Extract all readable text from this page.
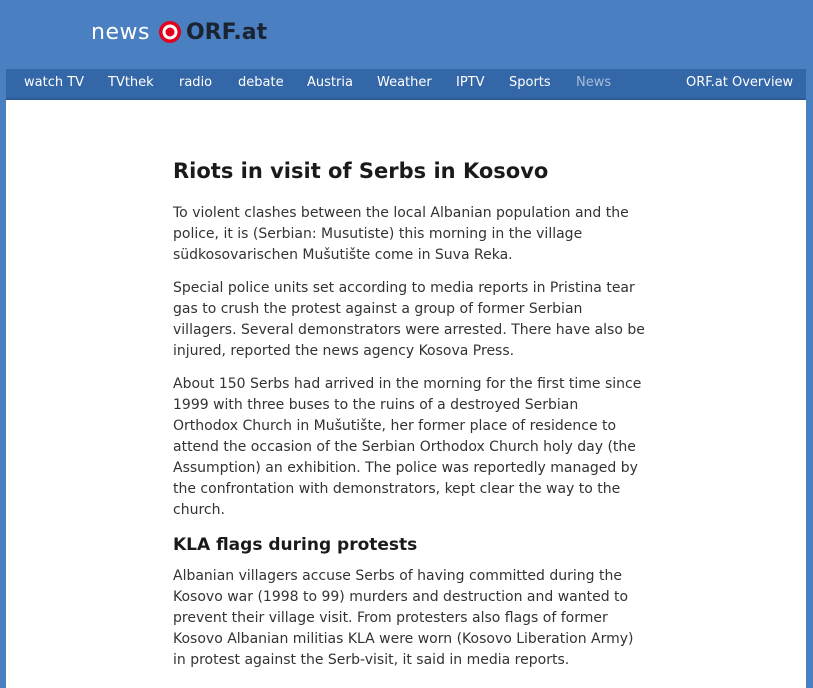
news ORF.at
watch TV TVthek radio debate Austria Weather IPTV Sports News	ORF.at Overview
Riots in visit of Serbs in Kosovo

To violent clashes between the local Albanian population and the police, it is (Serbian: Musutiste) this morning in the village südkosovarischen Mušutište come in Suva Reka.

Special police units set according to media reports in Pristina tear gas to crush the protest against a group of former Serbian villagers. Several demonstrators were arrested. There have also be injured, reported the news agency Kosova Press.

About 150 Serbs had arrived in the morning for the first time since 1999 with three buses to the ruins of a destroyed Serbian Orthodox Church in Mušutište, her former place of residence to attend the occasion of the Serbian Orthodox Church holy day (the Assumption) an exhibition. The police was reportedly managed by the confrontation with demonstrators, kept clear the way to the church.

KLA flags during protests

Albanian villagers accuse Serbs of having committed during the Kosovo war (1998 to 99) murders and destruction and wanted to prevent their village visit. From protesters also flags of former Kosovo Albanian militias KLA were worn (Kosovo Liberation Army) in protest against the Serb-visit, it said in media reports.
